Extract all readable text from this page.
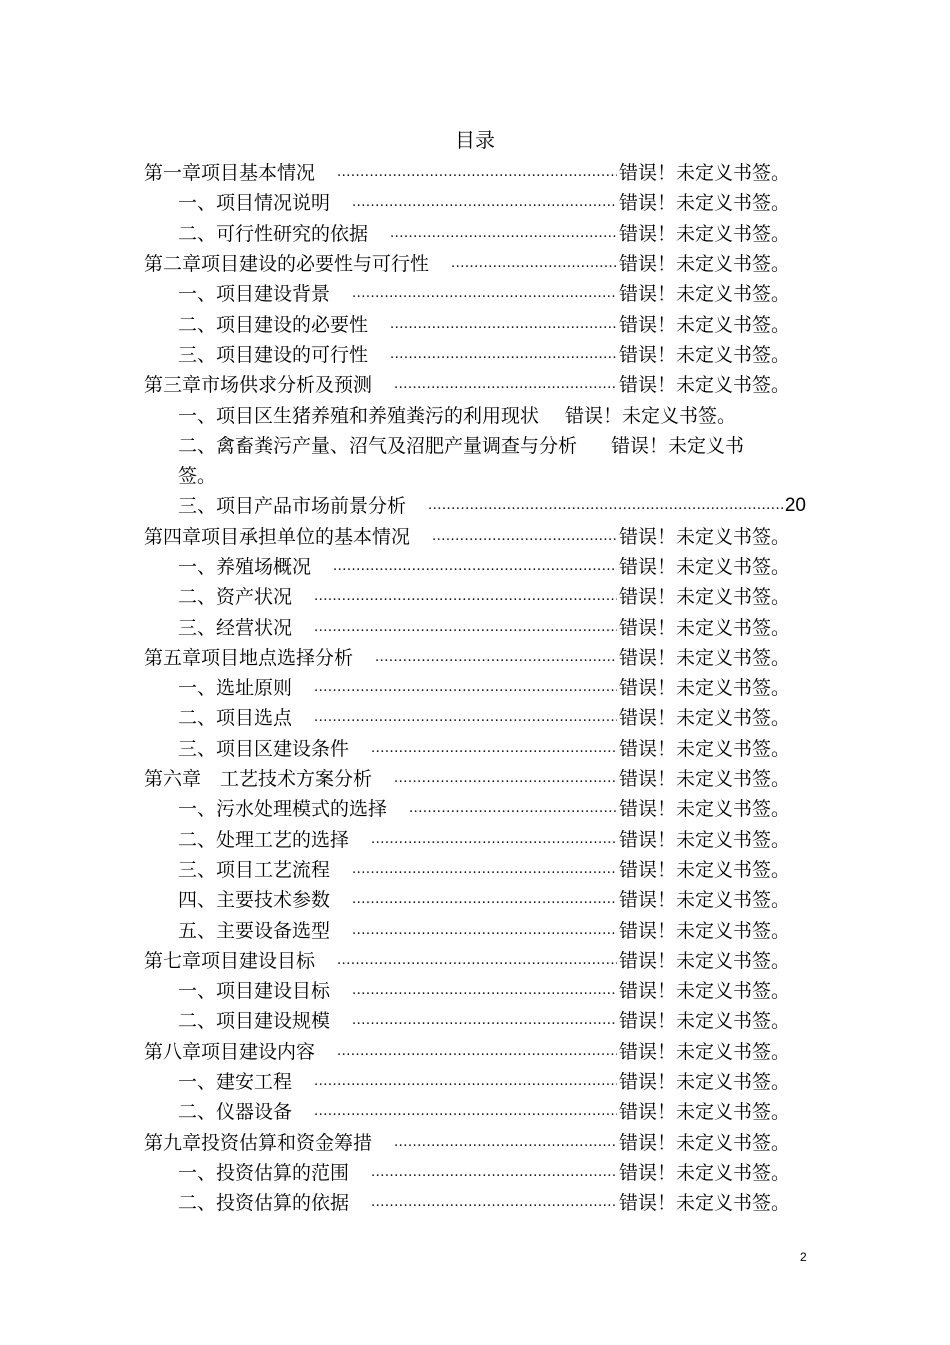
目录
第一章项目基本情况 .....	错误！未定义书签。
一、项目情况说明 .....	错误！未定义书签。
二、可行性研究的依据 .....	错误！未定义书签。
第二章项目建设的必要性与可行性 .....	错误！未定义书签。
一、项目建设背景 .....	错误！未定义书签。
二、项目建设的必要性 .....	错误！未定义书签。
三、项目建设的可行性 .....	错误！未定义书签。
第三章市场供求分析及预测 .....	错误！未定义书签。
一、项目区生猪养殖和养殖粪污的利用现状 错误！未定义书签。
二、禽畜粪污产量、沼气及沼肥产量调查与分析 错误！未定义书
签。
三、项目产品市场前景分析 .....	20
第四章项目承担单位的基本情况 .....	错误！未定义书签。
一、养殖场概况 .....	错误！未定义书签。
二、资产状况 .....	错误！未定义书签。
三、经营状况 .....	错误！未定义书签。
第五章项目地点选择分析 .....	错误！未定义书签。
一、选址原则 .....	错误！未定义书签。
二、项目选点 .....	错误！未定义书签。
三、项目区建设条件 .....	错误！未定义书签。
第六章　工艺技术方案分析 .....	错误！未定义书签。
一、污水处理模式的选择 .....	错误！未定义书签。
二、处理工艺的选择 .....	错误！未定义书签。
三、项目工艺流程 .....	错误！未定义书签。
四、主要技术参数 .....	错误！未定义书签。
五、主要设备选型 .....	错误！未定义书签。
第七章项目建设目标 .....	错误！未定义书签。
一、项目建设目标 .....	错误！未定义书签。
二、项目建设规模 .....	错误！未定义书签。
第八章项目建设内容 .....	错误！未定义书签。
一、建安工程 .....	错误！未定义书签。
二、仪器设备 .....	错误！未定义书签。
第九章投资估算和资金筹措 .....	错误！未定义书签。
一、投资估算的范围 .....	错误！未定义书签。
二、投资估算的依据 .....	错误！未定义书签。
2
